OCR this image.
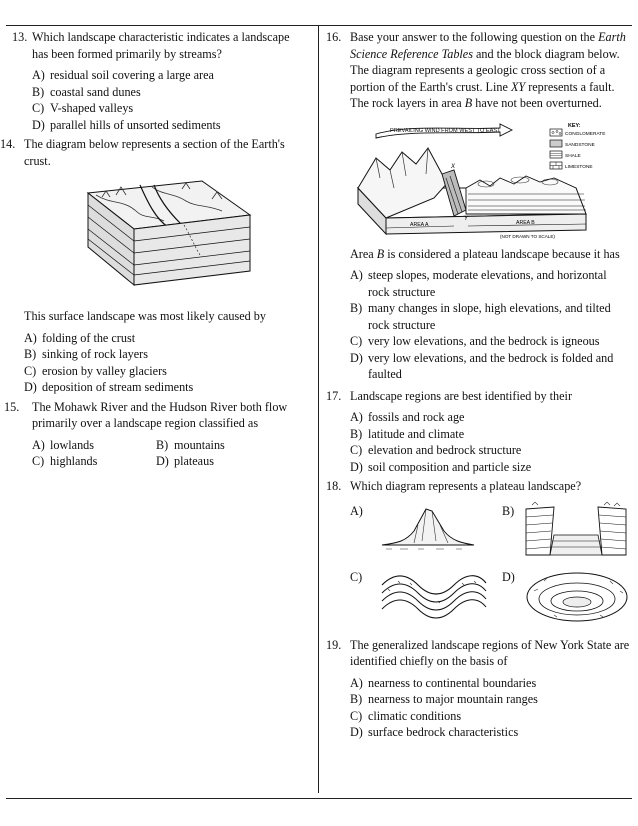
13. Which landscape characteristic indicates a landscape has been formed primarily by streams?
A) residual soil covering a large area
B) coastal sand dunes
C) V-shaped valleys
D) parallel hills of unsorted sediments
14. The diagram below represents a section of the Earth's crust.
This surface landscape was most likely caused by
A) folding of the crust
B) sinking of rock layers
C) erosion by valley glaciers
D) deposition of stream sediments
15. The Mohawk River and the Hudson River both flow primarily over a landscape region classified as
A) lowlands	B) mountains
C) highlands	D) plateaus
16. Base your answer to the following question on the Earth Science Reference Tables and the block diagram below. The diagram represents a geologic cross section of a portion of the Earth's crust. Line XY represents a fault. The rock layers in area B have not been overturned.
PREVAILING WIND FROM WEST TO EAST
KEY:
CONGLOMERATE
SANDSTONE
SHALE
LIMESTONE
X
Y
AREA A	AREA B
(NOT DRAWN TO SCALE)
Area B is considered a plateau landscape because it has
A) steep slopes, moderate elevations, and horizontal rock structure
B) many changes in slope, high elevations, and tilted rock structure
C) very low elevations, and the bedrock is igneous
D) very low elevations, and the bedrock is folded and faulted
17. Landscape regions are best identified by their
A) fossils and rock age
B) latitude and climate
C) elevation and bedrock structure
D) soil composition and particle size
18. Which diagram represents a plateau landscape?
A)	B)
C)	D)
19. The generalized landscape regions of New York State are identified chiefly on the basis of
A) nearness to continental boundaries
B) nearness to major mountain ranges
C) climatic conditions
D) surface bedrock characteristics
